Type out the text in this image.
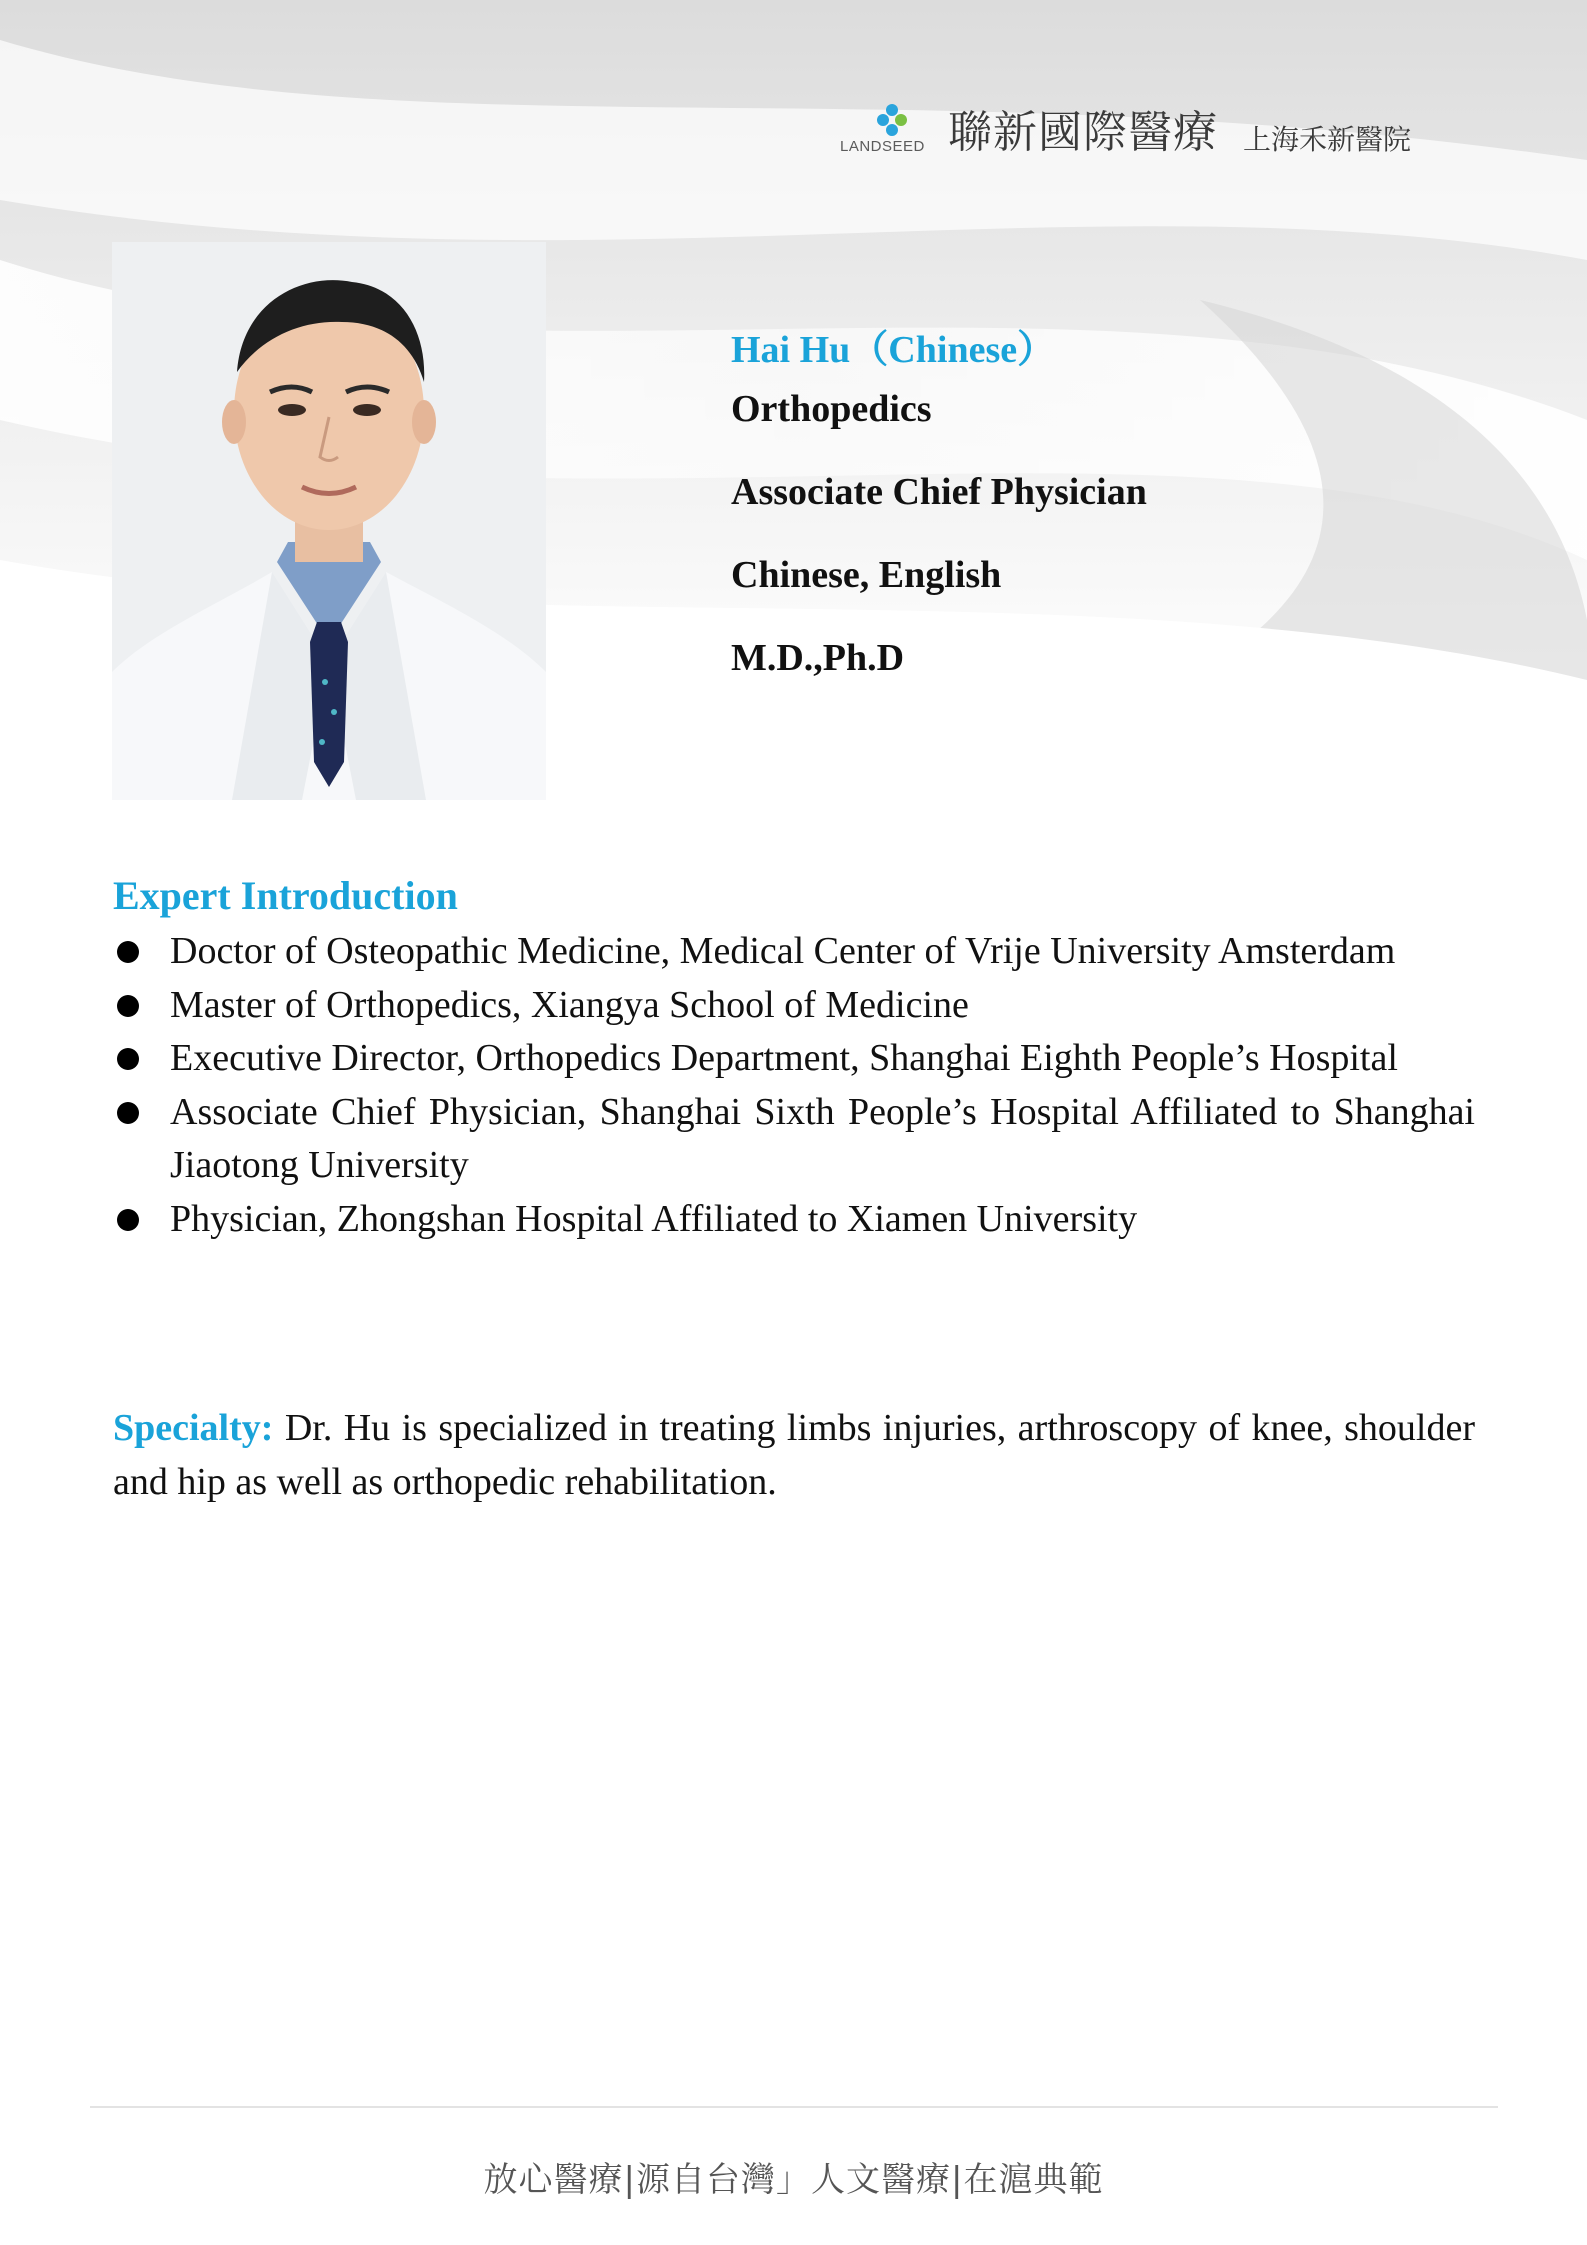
LANDSEED 聯新國際醫療 上海禾新醫院
Hai Hu（Chinese）
Orthopedics
Associate Chief Physician
Chinese, English
M.D.,Ph.D
Expert Introduction
Doctor of Osteopathic Medicine, Medical Center of Vrije University Amsterdam
Master of Orthopedics, Xiangya School of Medicine
Executive Director, Orthopedics Department, Shanghai Eighth People’s Hospital
Associate Chief Physician, Shanghai Sixth People’s Hospital Affiliated to Shanghai Jiaotong University
Physician, Zhongshan Hospital Affiliated to Xiamen University
Specialty: Dr. Hu is specialized in treating limbs injuries, arthroscopy of knee, shoulder and hip as well as orthopedic rehabilitation.
放心醫療|源自台灣」人文醫療|在滬典範
